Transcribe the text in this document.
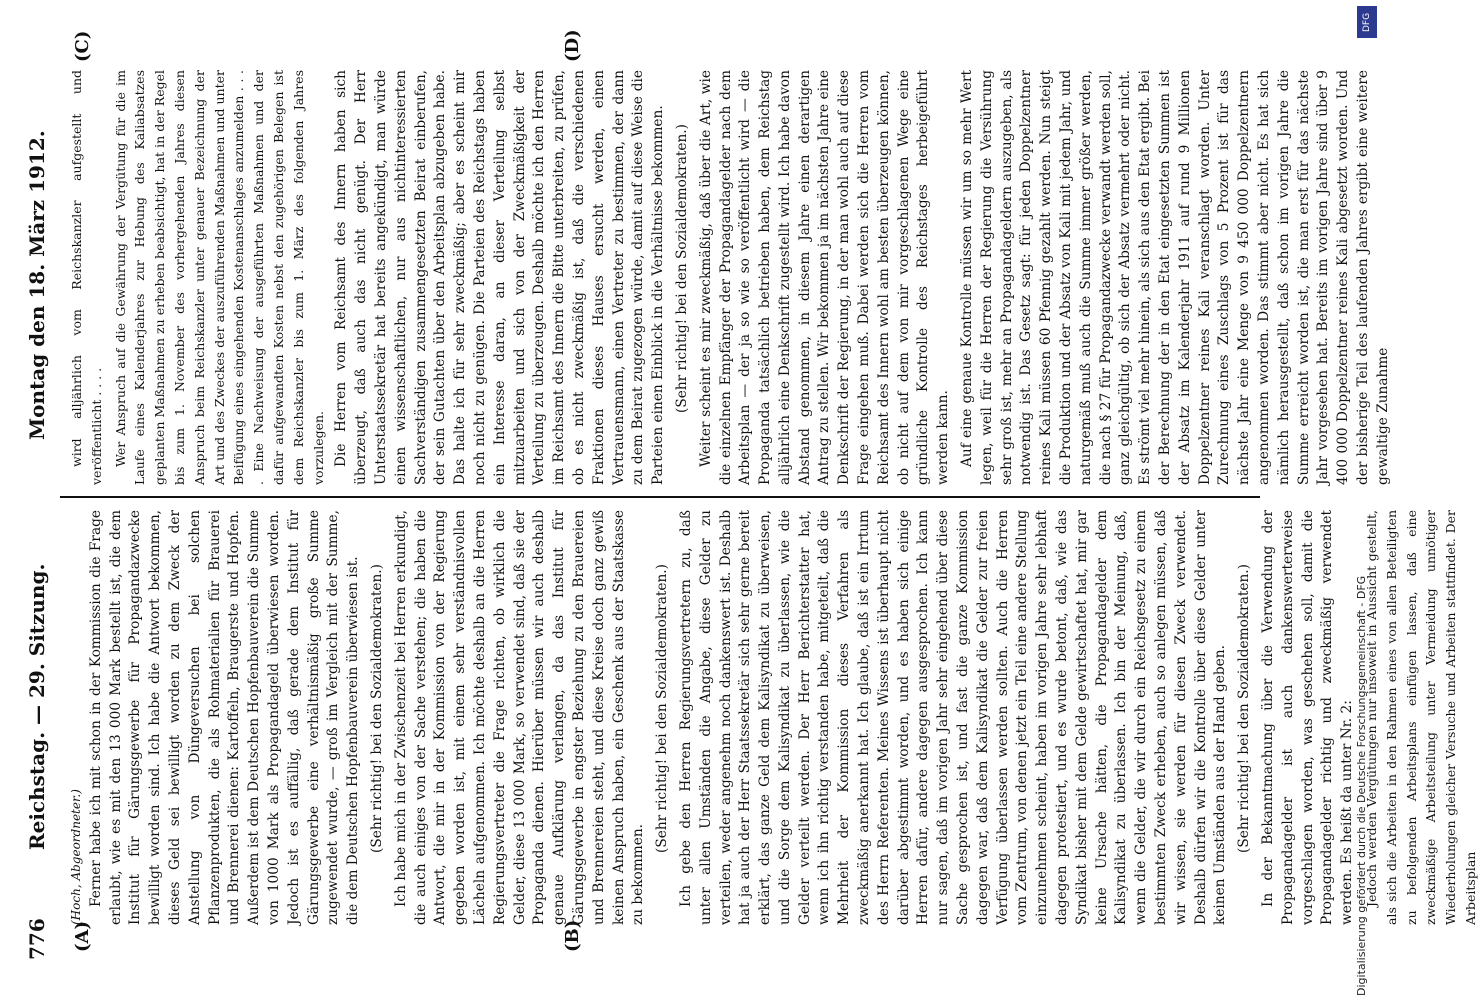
776
Reichstag. — 29. Sitzung.
Montag den 18. März 1912.
(A)	(B)
(C)	(D)
(Hoch, Abgeordneter.) Ferner habe ich mit schon in der Kommission die Frage erlaubt, wie es mit den 13 000 Mark bestellt ist, die dem Institut für Gärungsgewerbe für Propagandazwecke bewilligt worden sind. Ich habe die Antwort bekommen, dieses Geld sei bewilligt worden zu dem Zweck der Anstellung von Düngeversuchen bei solchen Pflanzenprodukten, die als Rohmaterialien für Brauerei und Brennerei dienen: Kartoffeln, Braugerste und Hopfen. Außerdem ist dem Deutschen Hopfenbauverein die Summe von 1000 Mark als Propagandageld überwiesen worden. Jedoch ist es auffällig, daß gerade dem Institut für Gärungsgewerbe eine verhältnismäßig große Summe zugewendet wurde, — groß im Vergleich mit der Summe, die dem Deutschen Hopfenbauverein überwiesen ist. (Sehr richtig! bei den Sozialdemokraten.) Ich habe mich in der Zwischenzeit bei Herren erkundigt, die auch einiges von der Sache verstehen; die haben die Antwort, die mir in der Kommission von der Regierung gegeben worden ist, mit einem sehr verständnisvollen Lächeln aufgenommen. Ich möchte deshalb an die Herren Regierungsvertreter die Frage richten, ob wirklich die Gelder, diese 13 000 Mark, so verwendet sind, daß sie der Propaganda dienen. Hierüber müssen wir auch deshalb genaue Aufklärung verlangen, da das Institut für Gärungsgewerbe in engster Beziehung zu den Brauereien und Brennereien steht, und diese Kreise doch ganz gewiß keinen Anspruch haben, ein Geschenk aus der Staatskasse zu bekommen.

(Sehr richtig! bei den Sozialdemokraten.) Ich gebe den Herren Regierungsvertretern zu, daß unter allen Umständen die Angabe, diese Gelder zu verteilen, weder angenehm noch dankenswert ist. Deshalb hat ja auch der Herr Staatssekretär sich sehr gerne bereit erklärt, das ganze Geld dem Kalisyndikat zu überweisen, und die Sorge dem Kalisyndikat zu überlassen, wie die Gelder verteilt werden. Der Herr Berichterstatter hat, wenn ich ihn richtig verstanden habe, mitgeteilt, daß die Mehrheit der Kommission dieses Verfahren als zweckmäßig anerkannt hat. Ich glaube, daß ist ein Irrtum des Herrn Referenten. Meines Wissens ist überhaupt nicht darüber abgestimmt worden, und es haben sich einige Herren dafür, andere dagegen ausgesprochen. Ich kann nur sagen, daß im vorigen Jahr sehr eingehend über diese Sache gesprochen ist, und fast die ganze Kommission dagegen war, daß dem Kalisyndikat die Gelder zur freien Verfügung überlassen werden sollten. Auch die Herren vom Zentrum, von denen jetzt ein Teil eine andere Stellung einzunehmen scheint, haben im vorigen Jahre sehr lebhaft dagegen protestiert, und es wurde betont, daß, wie das Syndikat bisher mit dem Gelde gewirtschaftet hat, mir gar keine Ursache hätten, die Propagandagelder dem Kalisyndikat zu überlassen. Ich bin der Meinung, daß, wenn die Gelder, die wir durch ein Reichsgesetz zu einem bestimmten Zweck erheben, auch so anlegen müssen, daß wir wissen, sie werden für diesen Zweck verwendet. Deshalb dürfen wir die Kontrolle über diese Gelder unter keinen Umständen aus der Hand geben. (Sehr richtig! bei den Sozialdemokraten.) In der Bekanntmachung über die Verwendung der Propagandagelder ist auch dankenswerterweise vorgeschlagen worden, was geschehen soll, damit die Propagandagelder richtig und zweckmäßig verwendet werden. Es heißt da unter Nr. 2: Jedoch werden Vergütungen nur insoweit in Aussicht gestellt, als sich die Arbeiten in den Rahmen eines von allen Beteiligten zu befolgenden Arbeitsplans einfügen lassen, daß eine zweckmäßige Arbeitsteilung unter Vermeidung unnötiger Wiederholungen gleicher Versuche und Arbeiten stattfindet. Der Arbeitsplan

wird alljährlich vom Reichskanzler aufgestellt und veröffentlicht . . . . Wer Anspruch auf die Gewährung der Vergütung für die im Laufe eines Kalenderjahres zur Hebung des Kaliabsatzes geplanten Maßnahmen zu erheben beabsichtigt, hat in der Regel bis zum 1. November des vorhergehenden Jahres diesen Anspruch beim Reichskanzler unter genauer Bezeichnung der Art und des Zweckes der auszuführenden Maßnahmen und unter Beifügung eines eingehenden Kostenanschlages anzumelden . . . . Eine Nachweisung der ausgeführten Maßnahmen und der dafür aufgewandten Kosten nebst den zugehörigen Belegen ist dem Reichskanzler bis zum 1. März des folgenden Jahres vorzulegen. Die Herren vom Reichsamt des Innern haben sich überzeugt, daß auch das nicht genügt. Der Herr Unterstaatssekretär hat bereits angekündigt, man würde einen wissenschaftlichen, nur aus nichtinteressierten Sachverständigen zusammengesetzten Beirat einberufen, der sein Gutachten über den Arbeitsplan abzugeben habe. Das halte ich für sehr zweckmäßig; aber es scheint mir noch nicht zu genügen. Die Parteien des Reichstags haben ein Interesse daran, an dieser Verteilung selbst mitzuarbeiten und sich von der Zweckmäßigkeit der Verteilung zu überzeugen. Deshalb möchte ich den Herren im Reichsamt des Innern die Bitte unterbreiten, zu prüfen, ob es nicht zweckmäßig ist, daß die verschiedenen Fraktionen dieses Hauses ersucht werden, einen Vertrauensmann, einen Vertreter zu bestimmen, der dann zu dem Beirat zugezogen würde, damit auf diese Weise die Parteien einen Einblick in die Verhältnisse bekommen. (Sehr richtig! bei den Sozialdemokraten.) Weiter scheint es mir zweckmäßig, daß über die Art, wie die einzelnen Empfänger der Propagandagelder nach dem Arbeitsplan — der ja so wie so veröffentlicht wird — die Propaganda tatsächlich betrieben haben, dem Reichstag alljährlich eine Denkschrift zugestellt wird. Ich habe davon Abstand genommen, in diesem Jahre einen derartigen Antrag zu stellen. Wir bekommen ja im nächsten Jahre eine Denkschrift der Regierung, in der man wohl auch auf diese Frage eingehen muß. Dabei werden sich die Herren vom Reichsamt des Innern wohl am besten überzeugen können, ob nicht auf dem von mir vorgeschlagenen Wege eine gründliche Kontrolle des Reichstages herbeigeführt werden kann. Auf eine genaue Kontrolle müssen wir um so mehr Wert legen, weil für die Herren der Regierung die Versührung sehr groß ist, mehr an Propagandageldern auszugeben, als notwendig ist. Das Gesetz sagt: für jeden Doppelzentner reines Kali müssen 60 Pfennig gezahlt werden. Nun steigt die Produktion und der Absatz von Kali mit jedem Jahr, und naturgemäß muß auch die Summe immer größer werden, die nach § 27 für Propagandazwecke verwandt werden soll, ganz gleichgültig, ob sich der Absatz vermehrt oder nicht. Es strömt viel mehr hinein, als sich aus den Etat ergibt. Bei der Berechnung der in den Etat eingesetzten Summen ist der Absatz im Kalenderjahr 1911 auf rund 9 Millionen Doppelzentner reines Kali veranschlagt worden. Unter Zurechnung eines Zuschlags von 5 Prozent ist für das nächste Jahr eine Menge von 9 450 000 Doppelzentnern angenommen worden. Das stimmt aber nicht. Es hat sich nämlich herausgestellt, daß schon im vorigen Jahre die Summe erreicht worden ist, die man erst für das nächste Jahr vorgesehen hat. Bereits im vorigen Jahre sind über 9 400 000 Doppelzentner reines Kali abgesetzt worden. Und der bisherige Teil des laufenden Jahres ergibt eine weitere gewaltige Zunahme

Digitalisierung gefördert durch die Deutsche Forschungsgemeinschaft - DFG
DFG
